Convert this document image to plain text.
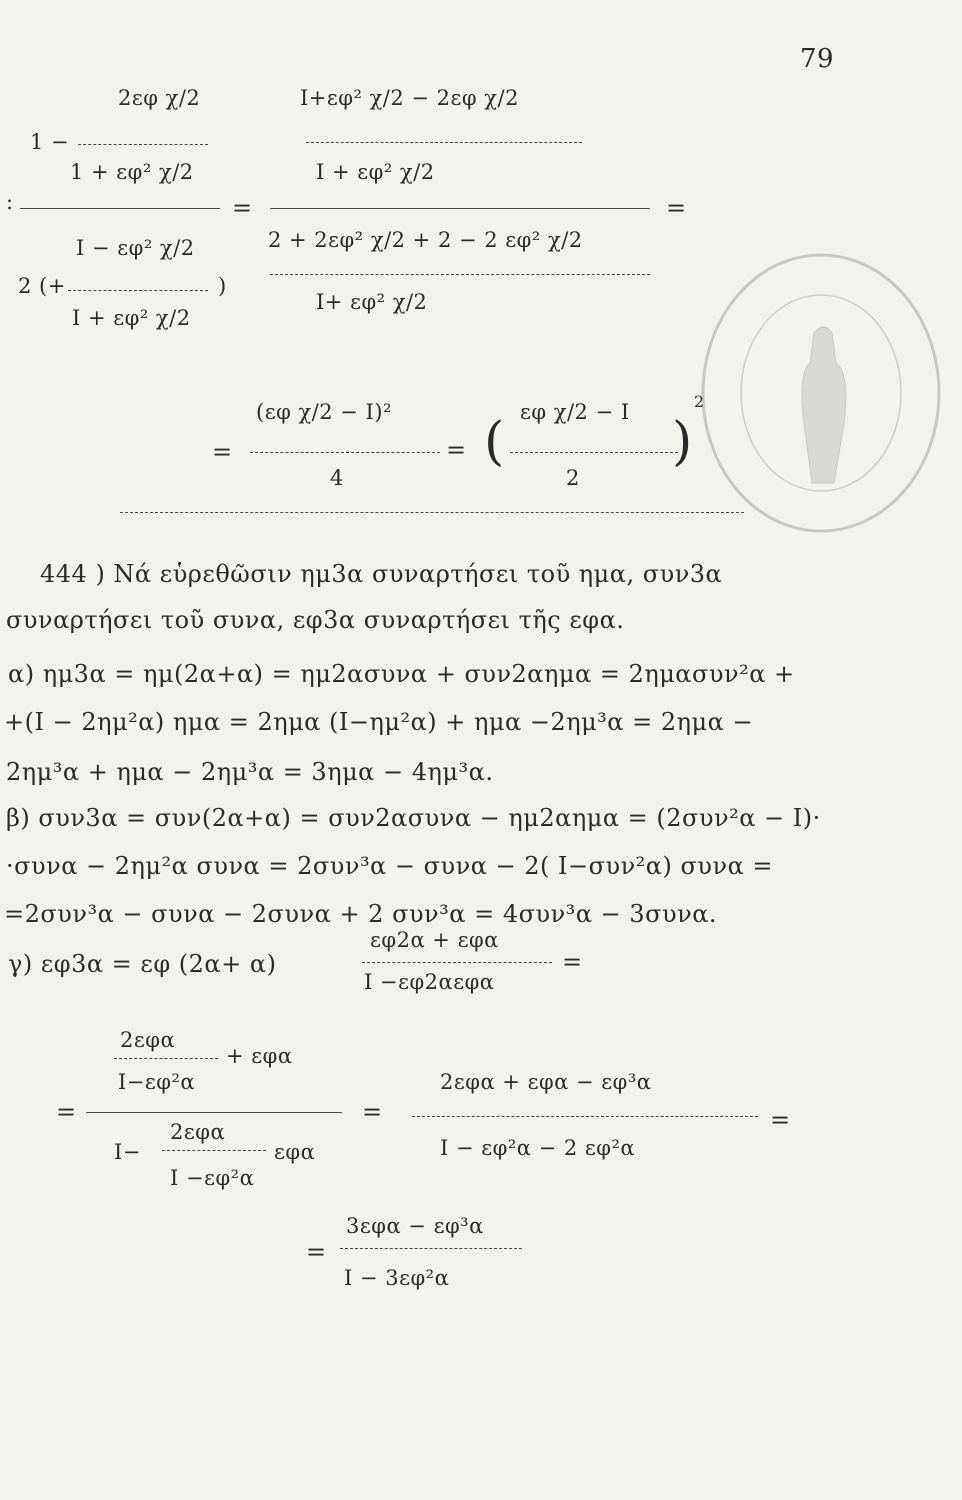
79
2εφ χ/2
1 −
1 + εφ² χ/2
:
Ι − εφ² χ/2
2 (+	)
Ι + εφ² χ/2
=
Ι+εφ² χ/2 − 2εφ χ/2
Ι + εφ² χ/2
2 + 2εφ² χ/2 + 2 − 2 εφ² χ/2
Ι+ εφ² χ/2
=
=
(εφ χ/2 − Ι)²
4
= ( εφ χ/2 − Ι
2
)
2
444 ) Νά εὑρεθῶσιν ημ3α συναρτήσει τοῦ ημα, συν3α
συναρτήσει τοῦ συνα, εφ3α συναρτήσει τῆς εφα.
α) ημ3α = ημ(2α+α) = ημ2ασυνα + συν2αημα = 2ημασυν²α +
+(Ι − 2ημ²α) ημα = 2ημα (Ι−ημ²α) + ημα −2ημ³α = 2ημα −
2ημ³α + ημα − 2ημ³α = 3ημα − 4ημ³α.
β) συν3α = συν(2α+α) = συν2ασυνα − ημ2αημα = (2συν²α − Ι)·
·συνα − 2ημ²α συνα = 2συν³α − συνα − 2( Ι−συν²α) συνα =
=2συν³α − συνα − 2συνα + 2 συν³α = 4συν³α − 3συνα.
γ) εφ3α = εφ (2α+ α)
εφ2α + εφα
Ι −εφ2αεφα
=
2εφα
+ εφα
Ι−εφ²α
=
Ι−
2εφα
εφα
Ι −εφ²α
=
2εφα + εφα − εφ³α
Ι − εφ²α − 2 εφ²α
=
=
3εφα − εφ³α
Ι − 3εφ²α
